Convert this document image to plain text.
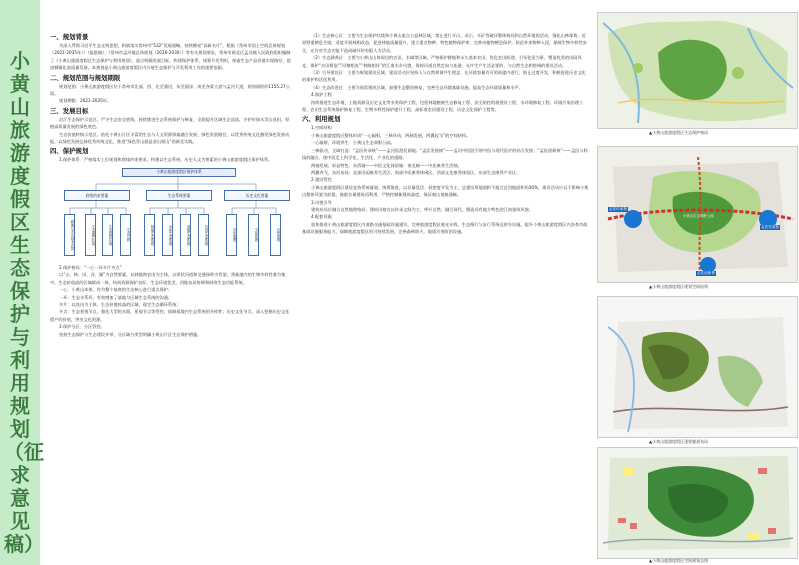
小黄山旅游度假区生态保护与利用规划（征求意见稿）
一、规划背景

为深入贯彻习近平生态文明思想，积极落实常州市“532”发展战略，持续擦亮“高新名片”，根据《常州市国土空间总体规划（2021-2035年）》（报批稿）、《常州市孟河镇总体规划（2016-2030）》等有关规划要求，常州市新北区孟河镇人民政府组织编制了《小黄山旅游度假区生态保护与利用规划》，重点明确发展目标，构建保护体系、统筹开发利用，探索生态产品价值实现路径，促进城镇化高质量发展。本规划是小黄山旅游度假区内开展生态保护与开发利用工作的重要依据。

二、规划范围与规划期限

规划范围：小黄山旅游度假区位于常州市北部，西、北至浦河，东至丽泽、南至齐梁大道与孟河大道，规划面积约1155.27公顷。

规划期限：2021-2035年。

三、发展目标

沿江生态保护示范区。严守生态安全底线，持续推进生态系统保护与修复，全面提升区域生态品质，守护好绿水青山良田，厚植高质量发展的绿色底色。

生态价值转换示范区。依托小黄山片区丰富的生态与人文资源探索融合发展、绿色发展路径，以优秀传统文化激发绿色发展动能，以绿色发展弘扬优秀传统文化，推进“绿色青山就是金山银山”的新北实践。

四、保护规划

1.保护体系：严格落实上位规划和底线约束要求，构建以生态系统、历史人文为要素的小黄山旅游度假区保护体系。

小黄山旅游度假区保护体系
底线约束要素	生态系统要素	历史文化要素
耕地与永久基本农田	生态保护红线	生态管控区域	生态空间	林地生态系统	水体生态系统	湿地生态系统	农田生态系统	历史遗迹	文化传统	自然景观

2.保护格局：“一心一环多片多点”

以“山、林、田、河、湖”为自然要素，以林地和农田为主体，以带状河道和交通绿带为骨架，将基地内的生物多样性着为集中，生态价值高的区域联成一体，构筑资源保护良好，生态环境优美、用地布局协调和网络生态功能系统。

一心：小黄山本体，作为整个基底的生态核心进行重点保护；

一环：生态水系环，有效增加了基地与区域生态系统的沟通；

多片：以良田为主体，生态价值较高的区域，现定生态循环系统；

多点：生态景观节点，强化大型的水面，景观节点等管控，保障基地内生态系统的多样性；历史文化节点，深入挖掘历史文化遗产的价值，突出文化资源。

3.保护分区、分区管控。

坚持生态保护与生态建设并举，分区域分类型明确小黄山片区生态保护措施。

（1）生态核心区：主要为生态保护红线和小黄山重点公益林区域，禁止进行开山、采石、开矿等破坏整体格局和自然环境的活动，强化山林保育。近原野重栖息生境，适度开展林相改造，促进林地质量提升，建立重点物种、特色植物保护库，完善动植物栖息保护。防范外来物种入侵，保障生物多样性安全，允许对生态功能不造成破坏的有限人为活动。

（2）生态涵养区：主要为小黄山山体周边的农田、水域等区域，严格保护耕地和永久基本农田，优化农田肌理，引导化田为景，塑造优美的田园风光，保护“水田相依”“河塘相连”“林路相伴”的江南水乡风貌，保持河道自然走向与连通，允许生产生活必要的、与自然生态相协调的建设活动。

（3）引导建设区：主要为规划建设区域，建设活动应坚持人与自然和谐共生理念，在环境容量许可的前提内进行，防止过度开发，积极促进历史文化的保护和活化利用。

（4）生态改进区：主要为现状建成区域，加强生态整治修复，完善生态环境基础设施，提高生态环境质量和水平。

4.保护工程

持续推进生态环境、土地资源及历史文化等多类保护工程，包括林地植被生态修复工程、安全防控的坡建设工程、水环境修复工程、环境污染治理工程、农田生态系统保护修复工程、生物多样性保护提升工程、高标准农田建设工程、历史文化保护工程等。

六、利用规划

1.空间结构

小黄山旅游度假区整体形成“一心辐射，三核环动，两轴发展，两翼起飞”的空间结构。

一心辐射，环境养生：小黄山生态郊野公园。

三核驱动，全域打造：“孟医传承核”——孟河医派发源地；“孟医发展核”——孟河中医院引领中医与现代医疗的结合发展；“孟医创新核”——孟医与科技的融合，使中医走上科学化、生活化、产业化的道路。

两轴发展，彰显特色：东西轴——中医文化体验轴；南北轴——中医康养生活轴。

两翼齐飞，东西布局：北部田园康养生活区，南部中医康养休闲区，西部文化康养体验区，东部生态康养产业区。

2.建设管控

小黄山旅游度假区建设宜持系统谋划、统筹推进，以存量盘活、低密度开发为主，总建设用地面积不超过总用地面积的30%，建设活动应以不影响小黄山整体风貌为前提，鼓励存量建筑再利用，严格控制新建筑高度，保证观山视廊通畅。

3.风貌引导

建筑布局应融合自然地理格局，建筑风格宜以传承文脉为主，呼应自然，融合现代，塑造具有地方特色的江南建筑风貌。

4.配套设施

加快推进小黄山旅游度假区内道路交通基础设施建设，完善旅游度假区观光专线、生态慢行与步行系统及停车设施，提升小黄山旅游度假区内各类市政基础设施服务能力，保障旅游度假区的可持续发展，完善森林防火、地质灾害防治设施。

▲小黄山旅游度假区生态保护格局
孟医传承核
孟医发展核
孟医创新核
小黄山生态郊野公园
▲小黄山旅游度假区规划空间结构
▲小黄山旅游度假区重要廊道布局
▲小黄山旅游度假区空间规划总图
